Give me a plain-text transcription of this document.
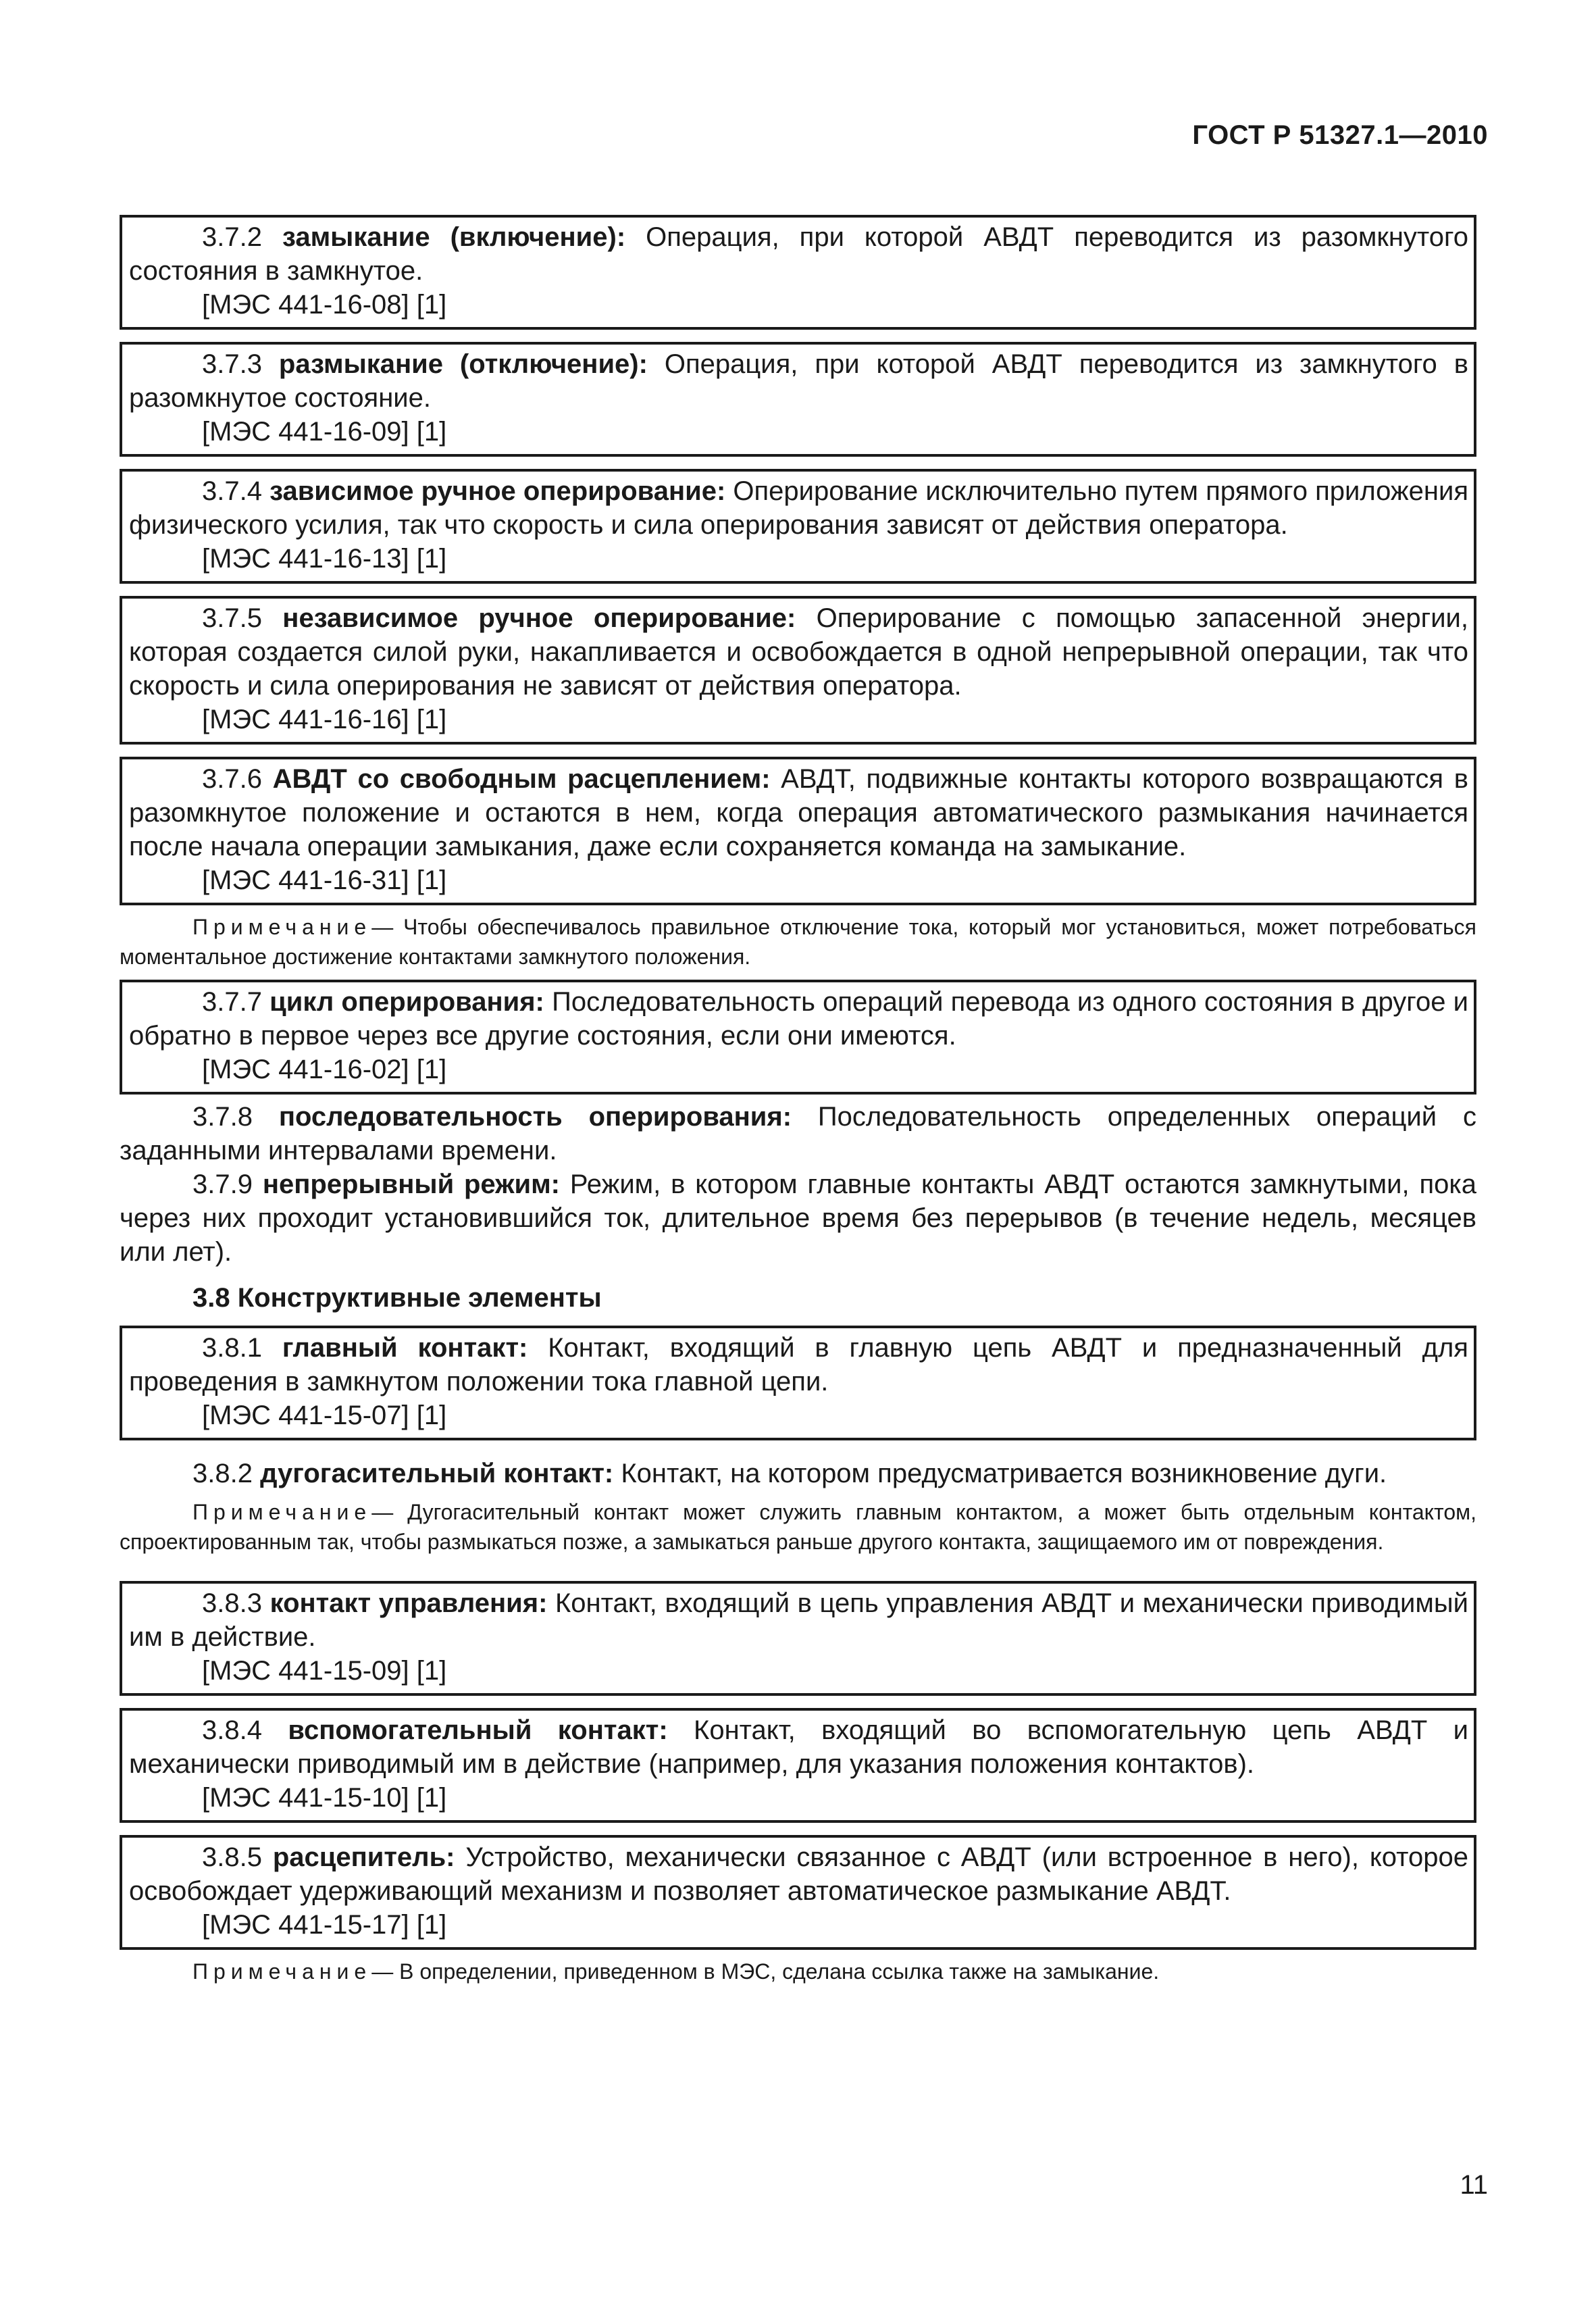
ГОСТ Р 51327.1—2010

3.7.2 замыкание (включение): Операция, при которой АВДТ переводится из разомкнутого состояния в замкнутое.

[МЭС 441-16-08] [1]

3.7.3 размыкание (отключение): Операция, при которой АВДТ переводится из замкнутого в разомкнутое состояние.

[МЭС 441-16-09] [1]

3.7.4 зависимое ручное оперирование: Оперирование исключительно путем прямого приложения физического усилия, так что скорость и сила оперирования зависят от действия оператора.

[МЭС 441-16-13] [1]

3.7.5 независимое ручное оперирование: Оперирование с помощью запасенной энергии, которая создается силой руки, накапливается и освобождается в одной непрерывной операции, так что скорость и сила оперирования не зависят от действия оператора.

[МЭС 441-16-16] [1]

3.7.6 АВДТ со свободным расцеплением: АВДТ, подвижные контакты которого возвращаются в разомкнутое положение и остаются в нем, когда операция автоматического размыкания начинается после начала операции замыкания, даже если сохраняется команда на замыкание.

[МЭС 441-16-31] [1]

Примечание— Чтобы обеспечивалось правильное отключение тока, который мог установиться, может потребоваться моментальное достижение контактами замкнутого положения.

3.7.7 цикл оперирования: Последовательность операций перевода из одного состояния в другое и обратно в первое через все другие состояния, если они имеются.

[МЭС 441-16-02] [1]

3.7.8 последовательность оперирования: Последовательность определенных операций с заданными интервалами времени.

3.7.9 непрерывный режим: Режим, в котором главные контакты АВДТ остаются замкнутыми, пока через них проходит установившийся ток, длительное время без перерывов (в течение недель, месяцев или лет).

3.8 Конструктивные элементы

3.8.1 главный контакт: Контакт, входящий в главную цепь АВДТ и предназначенный для проведения в замкнутом положении тока главной цепи.

[МЭС 441-15-07] [1]

3.8.2 дугогасительный контакт: Контакт, на котором предусматривается возникновение дуги.

Примечание— Дугогасительный контакт может служить главным контактом, а может быть отдельным контактом, спроектированным так, чтобы размыкаться позже, а замыкаться раньше другого контакта, защищаемого им от повреждения.

3.8.3 контакт управления: Контакт, входящий в цепь управления АВДТ и механически приводимый им в действие.

[МЭС 441-15-09] [1]

3.8.4 вспомогательный контакт: Контакт, входящий во вспомогательную цепь АВДТ и механически приводимый им в действие (например, для указания положения контактов).

[МЭС 441-15-10] [1]

3.8.5 расцепитель: Устройство, механически связанное с АВДТ (или встроенное в него), которое освобождает удерживающий механизм и позволяет автоматическое размыкание АВДТ.

[МЭС 441-15-17] [1]

Примечание— В определении, приведенном в МЭС, сделана ссылка также на замыкание.

11
